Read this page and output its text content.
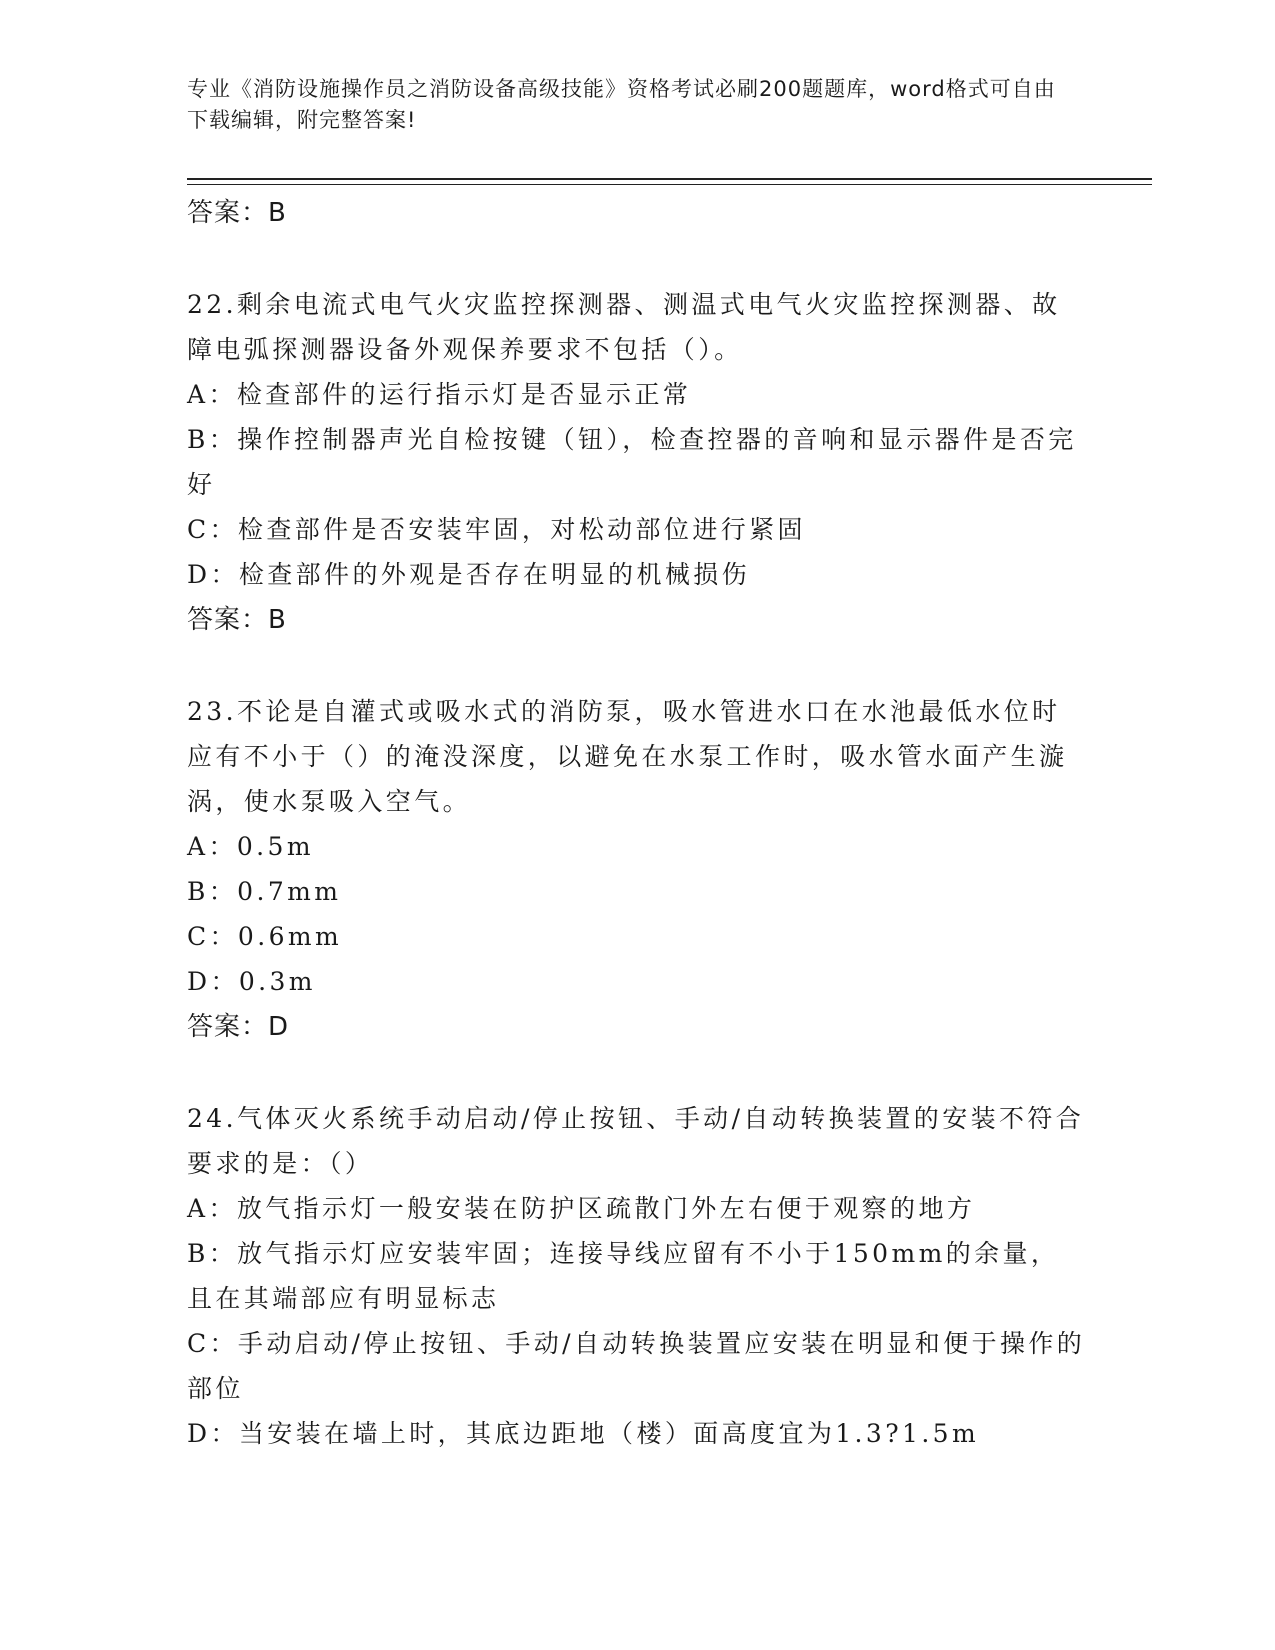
专业《消防设施操作员之消防设备高级技能》资格考试必刷200题题库，word格式可自由下载编辑，附完整答案!

答案：B

22.剩余电流式电气火灾监控探测器、测温式电气火灾监控探测器、故障电弧探测器设备外观保养要求不包括（）。

A：检查部件的运行指示灯是否显示正常

B：操作控制器声光自检按键（钮），检查控器的音响和显示器件是否完好

C：检查部件是否安装牢固，对松动部位进行紧固

D：检查部件的外观是否存在明显的机械损伤

答案：B

23.不论是自灌式或吸水式的消防泵，吸水管进水口在水池最低水位时应有不小于（）的淹没深度，以避免在水泵工作时，吸水管水面产生漩涡，使水泵吸入空气。

A：0.5m

B：0.7mm

C：0.6mm

D：0.3m

答案：D

24.气体灭火系统手动启动/停止按钮、手动/自动转换装置的安装不符合要求的是：（）

A：放气指示灯一般安装在防护区疏散门外左右便于观察的地方

B：放气指示灯应安装牢固；连接导线应留有不小于150mm的余量，且在其端部应有明显标志

C：手动启动/停止按钮、手动/自动转换装置应安装在明显和便于操作的部位

D：当安装在墙上时，其底边距地（楼）面高度宜为1.3?1.5m
